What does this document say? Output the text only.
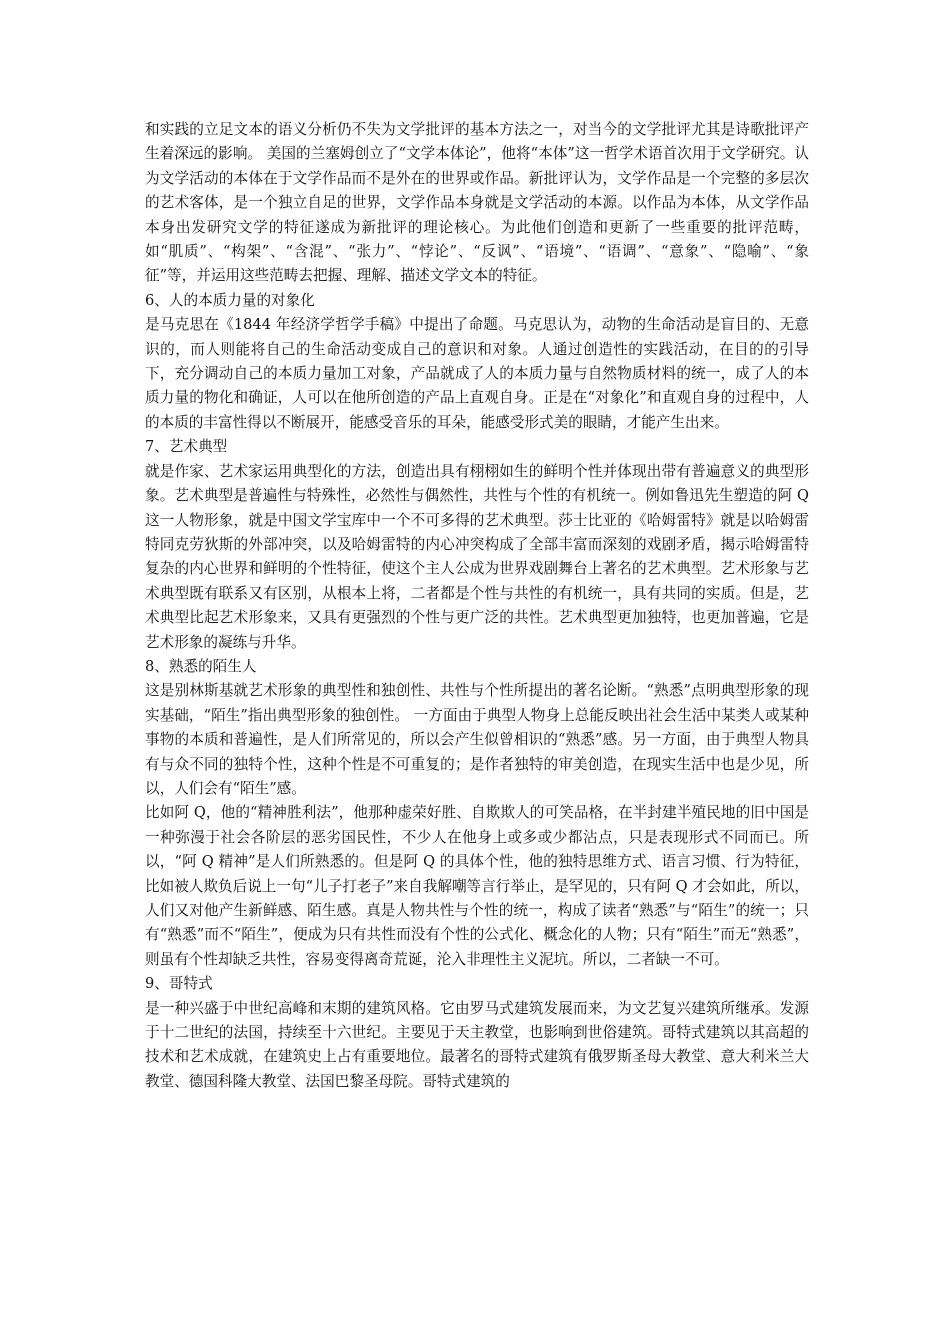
和实践的立足文本的语义分析仍不失为文学批评的基本方法之一，对当今的文学批评尤其是诗歌批评产生着深远的影响。 美国的兰塞姆创立了“文学本体论”，他将“本体”这一哲学术语首次用于文学研究。认为文学活动的本体在于文学作品而不是外在的世界或作品。新批评认为，文学作品是一个完整的多层次的艺术客体，是一个独立自足的世界，文学作品本身就是文学活动的本源。以作品为本体，从文学作品本身出发研究文学的特征遂成为新批评的理论核心。为此他们创造和更新了一些重要的批评范畴，如“肌质”、“构架”、“含混”、“张力”、“悖论”、“反讽”、“语境”、“语调”、“意象”、“隐喻”、“象征”等，并运用这些范畴去把握、理解、描述文学文本的特征。

6、人的本质力量的对象化

是马克思在《1844 年经济学哲学手稿》中提出了命题。马克思认为，动物的生命活动是盲目的、无意识的，而人则能将自己的生命活动变成自己的意识和对象。人通过创造性的实践活动，在目的的引导下，充分调动自己的本质力量加工对象，产品就成了人的本质力量与自然物质材料的统一，成了人的本质力量的物化和确证，人可以在他所创造的产品上直观自身。正是在“对象化”和直观自身的过程中，人的本质的丰富性得以不断展开，能感受音乐的耳朵，能感受形式美的眼睛，才能产生出来。

7、艺术典型

就是作家、艺术家运用典型化的方法，创造出具有栩栩如生的鲜明个性并体现出带有普遍意义的典型形象。艺术典型是普遍性与特殊性，必然性与偶然性，共性与个性的有机统一。例如鲁迅先生塑造的阿 Q 这一人物形象，就是中国文学宝库中一个不可多得的艺术典型。莎士比亚的《哈姆雷特》就是以哈姆雷特同克劳狄斯的外部冲突，以及哈姆雷特的内心冲突构成了全部丰富而深刻的戏剧矛盾，揭示哈姆雷特复杂的内心世界和鲜明的个性特征，使这个主人公成为世界戏剧舞台上著名的艺术典型。艺术形象与艺术典型既有联系又有区别，从根本上将，二者都是个性与共性的有机统一，具有共同的实质。但是，艺术典型比起艺术形象来，又具有更强烈的个性与更广泛的共性。艺术典型更加独特，也更加普遍，它是艺术形象的凝练与升华。

8、熟悉的陌生人

这是别林斯基就艺术形象的典型性和独创性、共性与个性所提出的著名论断。“熟悉”点明典型形象的现实基础，“陌生”指出典型形象的独创性。 一方面由于典型人物身上总能反映出社会生活中某类人或某种事物的本质和普遍性，是人们所常见的，所以会产生似曾相识的“熟悉”感。另一方面，由于典型人物具有与众不同的独特个性，这种个性是不可重复的；是作者独特的审美创造，在现实生活中也是少见，所以，人们会有“陌生”感。

比如阿 Q，他的“精神胜利法”，他那种虚荣好胜、自欺欺人的可笑品格，在半封建半殖民地的旧中国是一种弥漫于社会各阶层的恶劣国民性，不少人在他身上或多或少都沾点，只是表现形式不同而已。所以，“阿 Q 精神”是人们所熟悉的。但是阿 Q 的具体个性，他的独特思维方式、语言习惯、行为特征，比如被人欺负后说上一句“儿子打老子”来自我解嘲等言行举止，是罕见的，只有阿 Q 才会如此，所以，人们又对他产生新鲜感、陌生感。真是人物共性与个性的统一，构成了读者“熟悉”与“陌生”的统一；只有“熟悉”而不“陌生”，便成为只有共性而没有个性的公式化、概念化的人物；只有“陌生”而无“熟悉”，则虽有个性却缺乏共性，容易变得离奇荒诞，沦入非理性主义泥坑。所以，二者缺一不可。

9、哥特式

是一种兴盛于中世纪高峰和末期的建筑风格。它由罗马式建筑发展而来，为文艺复兴建筑所继承。发源于十二世纪的法国，持续至十六世纪。主要见于天主教堂，也影响到世俗建筑。哥特式建筑以其高超的技术和艺术成就，在建筑史上占有重要地位。最著名的哥特式建筑有俄罗斯圣母大教堂、意大利米兰大教堂、德国科隆大教堂、法国巴黎圣母院。哥特式建筑的
